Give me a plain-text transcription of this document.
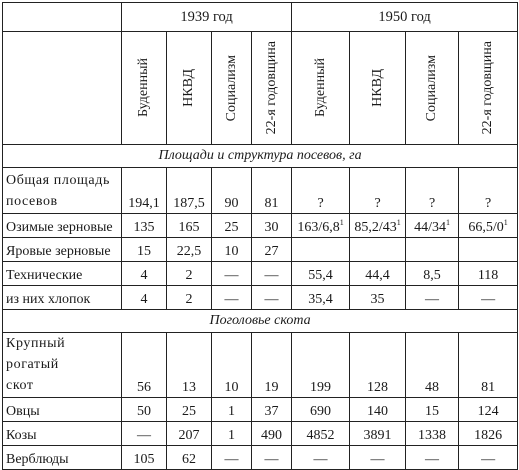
	1939 год				1950 год			

	Буденный	НКВД	Социализм	22-я годовщина	Буденный	НКВД	Социализм	22-я годовщина

Площади и структура посевов, га								

Общая площадь
посевов	194,1	187,5	90	81	?	?	?	?
Озимые зерновые	135	165	25	30	$163/6,8^1$	$85,2/43^1$	$44/34^1$	$66,5/0^1$
Яровые зерновые	15	22,5	10	27				
Технические	4	2	—	—	55,4	44,4	8,5	118
из них хлопок	4	2	—	—	35,4	35	—	—
Поголовье скота								

Крупный рогатый
скот	56	13	10	19	199	128	48	81
Овцы	50	25	1	37	690	140	15	124
Козы	—	207	1	490	4852	3891	1338	1826
Верблюды	105	62	—	—	—	—	—	—
